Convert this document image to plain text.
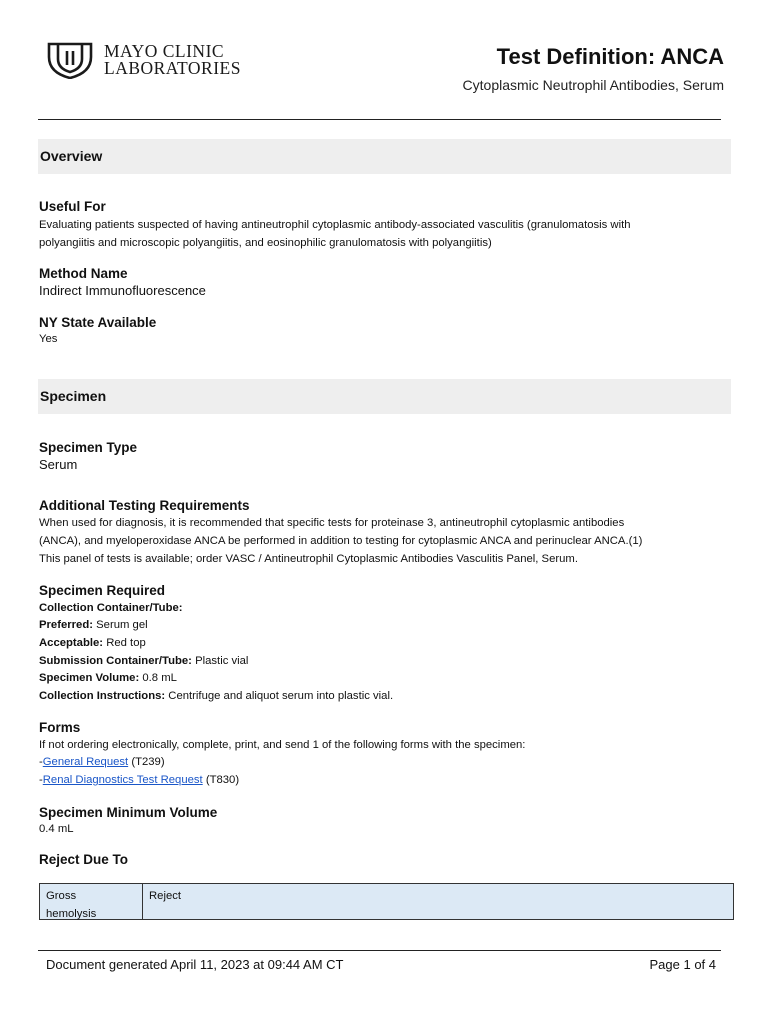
MAYO CLINIC
LABORATORIES	Test Definition: ANCA
Cytoplasmic Neutrophil Antibodies, Serum
Overview
Useful For
Evaluating patients suspected of having antineutrophil cytoplasmic antibody-associated vasculitis (granulomatosis with
polyangiitis and microscopic polyangiitis, and eosinophilic granulomatosis with polyangiitis)
Method Name
Indirect Immunofluorescence
NY State Available
Yes
Specimen
Specimen Type
Serum
Additional Testing Requirements
When used for diagnosis, it is recommended that specific tests for proteinase 3, antineutrophil cytoplasmic antibodies
(ANCA), and myeloperoxidase ANCA be performed in addition to testing for cytoplasmic ANCA and perinuclear ANCA.(1)
This panel of tests is available; order VASC / Antineutrophil Cytoplasmic Antibodies Vasculitis Panel, Serum.
Specimen Required
Collection Container/Tube:
Preferred: Serum gel
Acceptable: Red top
Submission Container/Tube: Plastic vial
Specimen Volume: 0.8 mL
Collection Instructions: Centrifuge and aliquot serum into plastic vial.
Forms
If not ordering electronically, complete, print, and send 1 of the following forms with the specimen:
-General Request (T239)
-Renal Diagnostics Test Request (T830)
Specimen Minimum Volume
0.4 mL
Reject Due To
Gross
hemolysis
Reject
Document generated April 11, 2023 at 09:44 AM CT	Page 1 of 4
